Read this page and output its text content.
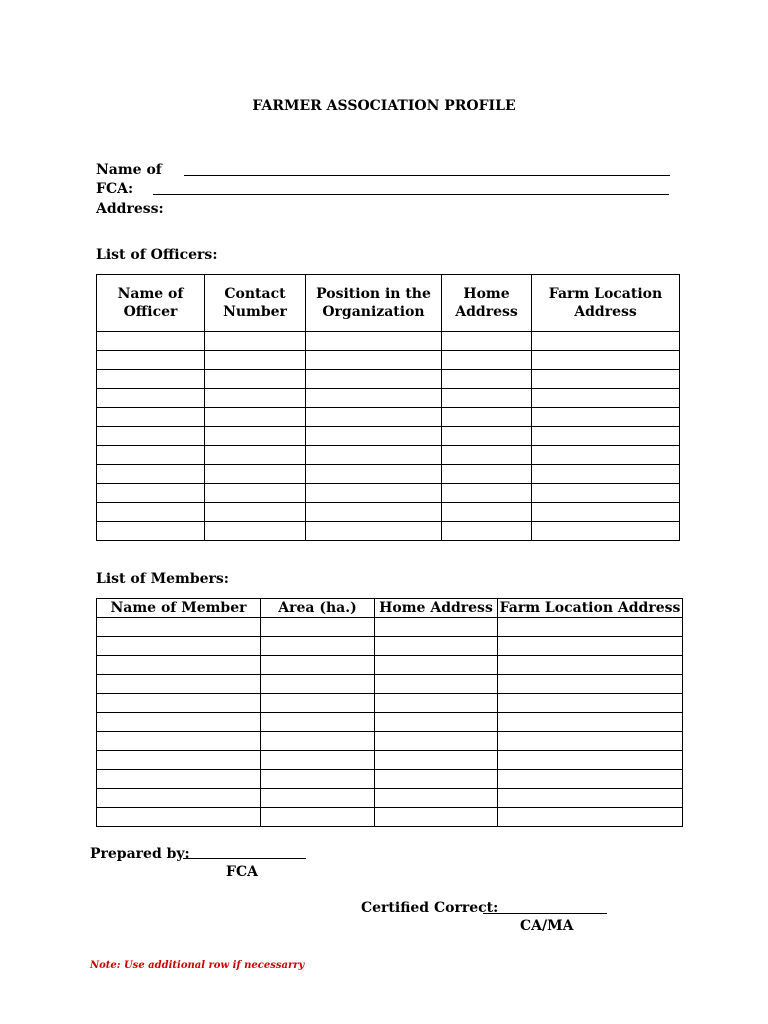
FARMER ASSOCIATION PROFILE
Name of
FCA:
Address:
List of Officers:
Name of Officer	Contact Number	Position in the Organization	Home Address	Farm Location Address

List of Members:
Name of Member	Area (ha.)	Home Address	Farm Location Address

Prepared by:
FCA
Certified Correct:
CA/MA
Note: Use additional row if necessarry
